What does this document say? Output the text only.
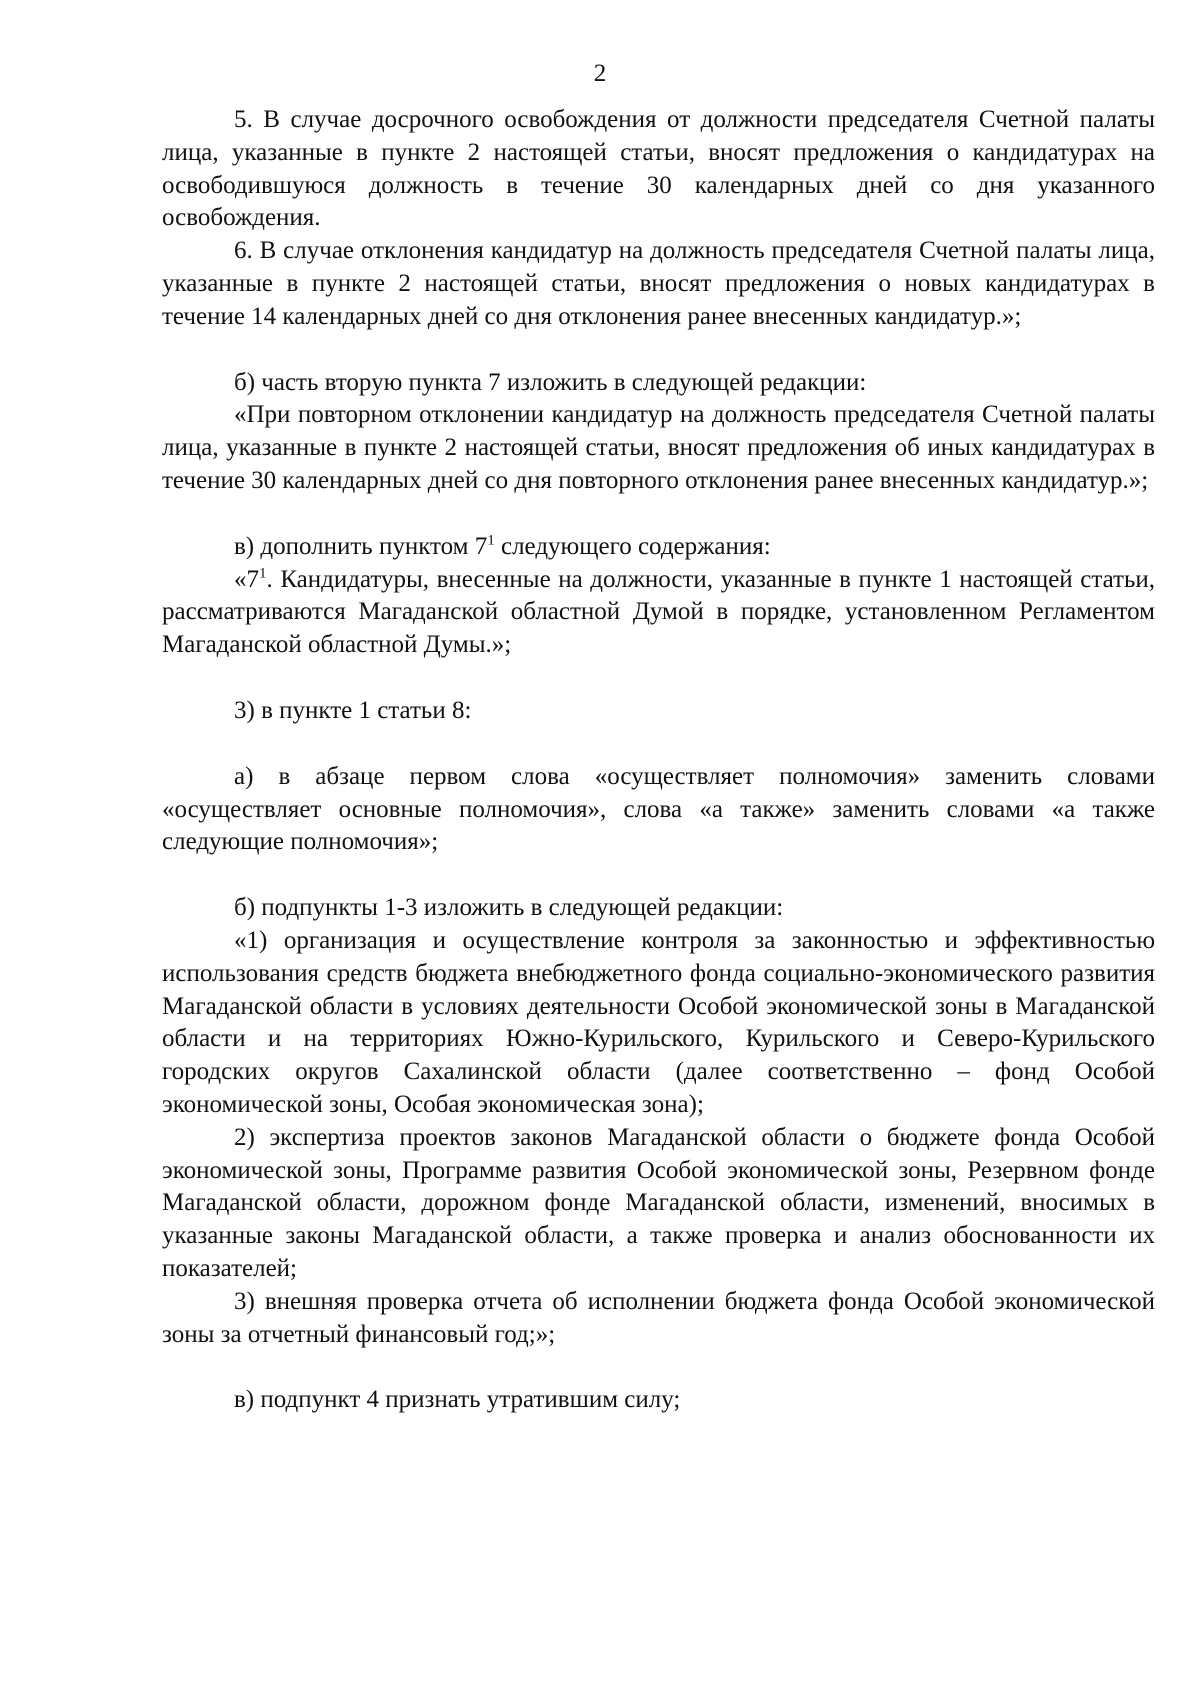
2

5. В случае досрочного освобождения от должности председателя Счетной палаты лица, указанные в пункте 2 настоящей статьи, вносят предложения о кандидатурах на освободившуюся должность в течение 30 календарных дней со дня указанного освобождения.

6. В случае отклонения кандидатур на должность председателя Счетной палаты лица, указанные в пункте 2 настоящей статьи, вносят предложения о новых кандидатурах в течение 14 календарных дней со дня отклонения ранее внесенных кандидатур.»;

б) часть вторую пункта 7 изложить в следующей редакции:

«При повторном отклонении кандидатур на должность председателя Счетной палаты лица, указанные в пункте 2 настоящей статьи, вносят предложения об иных кандидатурах в течение 30 календарных дней со дня повторного отклонения ранее внесенных кандидатур.»;

в) дополнить пунктом $7^1$ следующего содержания:

«$7^1$. Кандидатуры, внесенные на должности, указанные в пункте 1 настоящей статьи, рассматриваются Магаданской областной Думой в порядке, установленном Регламентом Магаданской областной Думы.»;

3) в пункте 1 статьи 8:

а) в абзаце первом слова «осуществляет полномочия» заменить словами «осуществляет основные полномочия», слова «а также» заменить словами «а также следующие полномочия»;

б) подпункты 1-3 изложить в следующей редакции:

«1) организация и осуществление контроля за законностью и эффективностью использования средств бюджета внебюджетного фонда социально-экономического развития Магаданской области в условиях деятельности Особой экономической зоны в Магаданской области и на территориях Южно-Курильского, Курильского и Северо-Курильского городских округов Сахалинской области (далее соответственно – фонд Особой экономической зоны, Особая экономическая зона);

2) экспертиза проектов законов Магаданской области о бюджете фонда Особой экономической зоны, Программе развития Особой экономической зоны, Резервном фонде Магаданской области, дорожном фонде Магаданской области, изменений, вносимых в указанные законы Магаданской области, а также проверка и анализ обоснованности их показателей;

3) внешняя проверка отчета об исполнении бюджета фонда Особой экономической зоны за отчетный финансовый год;»;

в) подпункт 4 признать утратившим силу;
